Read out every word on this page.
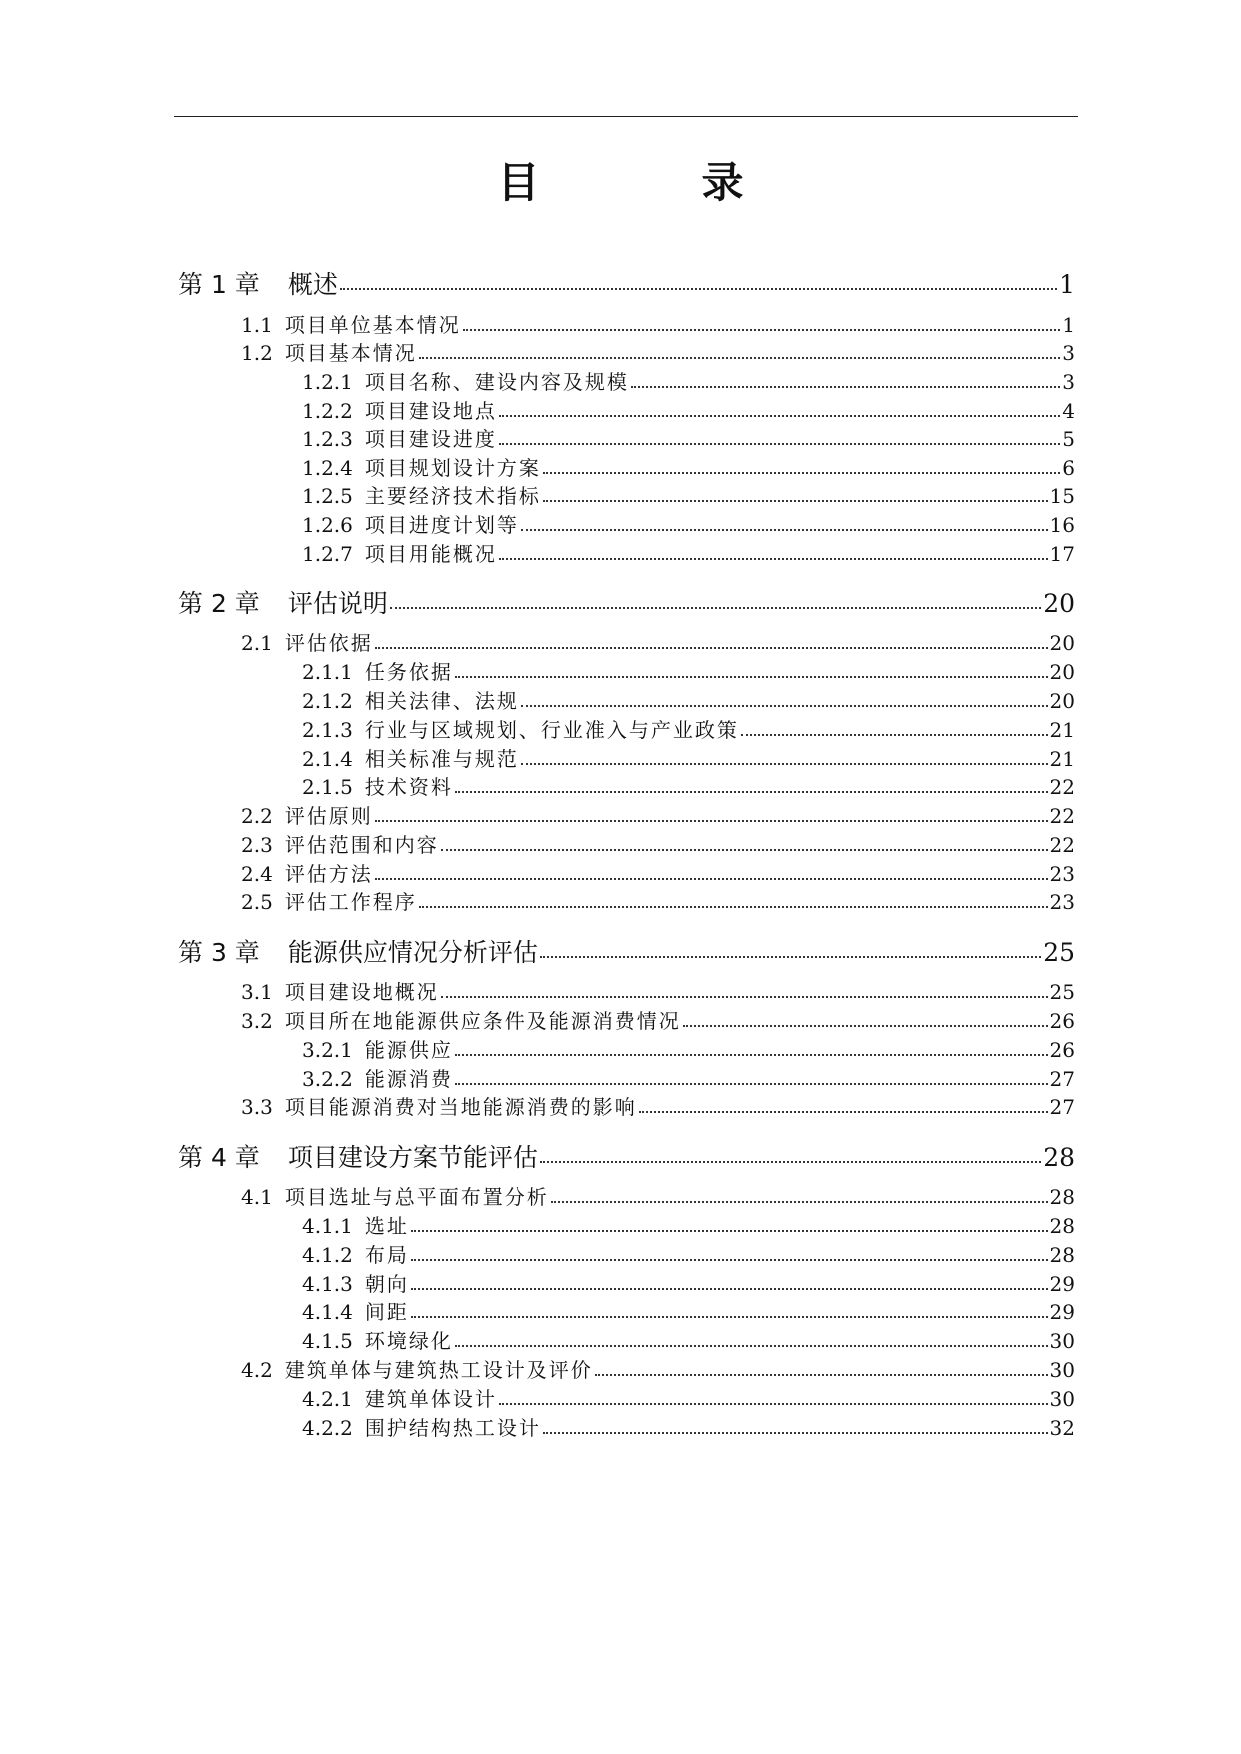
目　录
第 1 章 概述	1
1.1 项目单位基本情况	1
1.2 项目基本情况	3
1.2.1 项目名称、建设内容及规模	3
1.2.2 项目建设地点	4
1.2.3 项目建设进度	5
1.2.4 项目规划设计方案	6
1.2.5 主要经济技术指标	15
1.2.6 项目进度计划等	16
1.2.7 项目用能概况	17
第 2 章 评估说明	20
2.1 评估依据	20
2.1.1 任务依据	20
2.1.2 相关法律、法规	20
2.1.3 行业与区域规划、行业准入与产业政策	21
2.1.4 相关标准与规范	21
2.1.5 技术资料	22
2.2 评估原则	22
2.3 评估范围和内容	22
2.4 评估方法	23
2.5 评估工作程序	23
第 3 章 能源供应情况分析评估	25
3.1 项目建设地概况	25
3.2 项目所在地能源供应条件及能源消费情况	26
3.2.1 能源供应	26
3.2.2 能源消费	27
3.3 项目能源消费对当地能源消费的影响	27
第 4 章 项目建设方案节能评估	28
4.1 项目选址与总平面布置分析	28
4.1.1 选址	28
4.1.2 布局	28
4.1.3 朝向	29
4.1.4 间距	29
4.1.5 环境绿化	30
4.2 建筑单体与建筑热工设计及评价	30
4.2.1 建筑单体设计	30
4.2.2 围护结构热工设计	32
